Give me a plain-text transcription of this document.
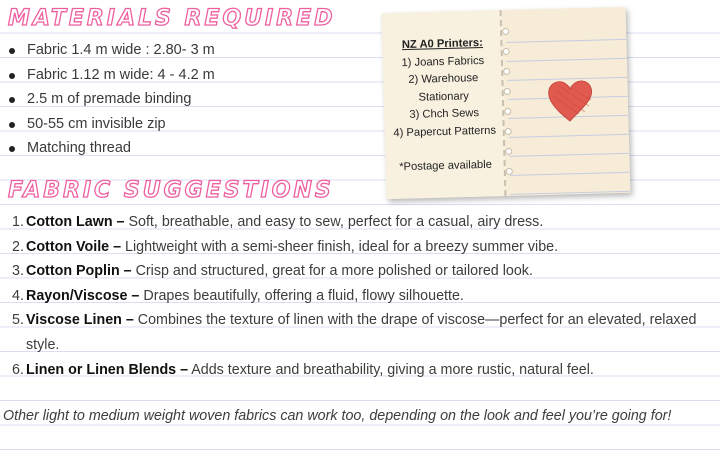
MATERIALS REQUIRED
Fabric 1.4 m wide : 2.80- 3 m
Fabric 1.12 m wide: 4 - 4.2 m
2.5 m of premade binding
50-55 cm invisible zip
Matching thread
NZ A0 Printers:
1) Joans Fabrics
2) Warehouse Stationary
3) Chch Sews
4) Papercut Patterns
*Postage available
FABRIC SUGGESTIONS
1. Cotton Lawn – Soft, breathable, and easy to sew, perfect for a casual, airy dress.
2. Cotton Voile – Lightweight with a semi-sheer finish, ideal for a breezy summer vibe.
3. Cotton Poplin – Crisp and structured, great for a more polished or tailored look.
4. Rayon/Viscose – Drapes beautifully, offering a fluid, flowy silhouette.
5. Viscose Linen – Combines the texture of linen with the drape of viscose—perfect for an elevated, relaxed style.
6. Linen or Linen Blends – Adds texture and breathability, giving a more rustic, natural feel.
Other light to medium weight woven fabrics can work too, depending on the look and feel you’re going for!
